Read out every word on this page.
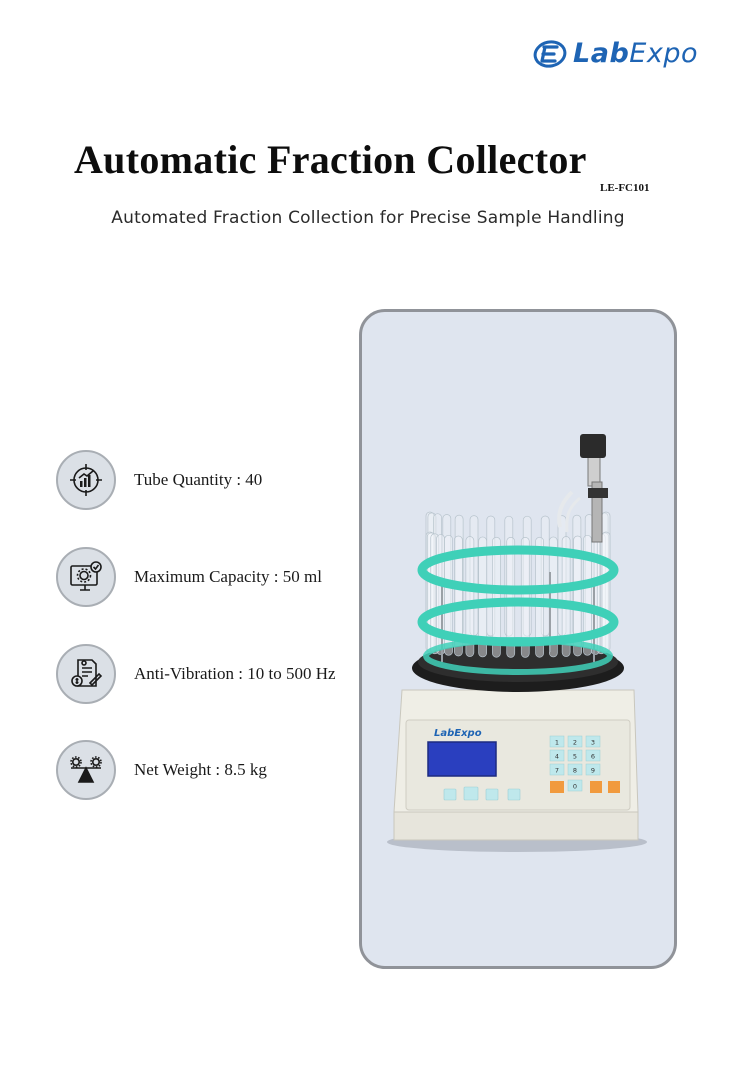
LabExpo
Automatic Fraction Collector
LE-FC101
Automated Fraction Collection for Precise Sample Handling
Tube Quantity : 40
Maximum Capacity : 50 ml
Anti-Vibration : 10 to 500 Hz
Net Weight : 8.5 kg
LabExpo
1 2 3
4 5 6
7 8 9
0
